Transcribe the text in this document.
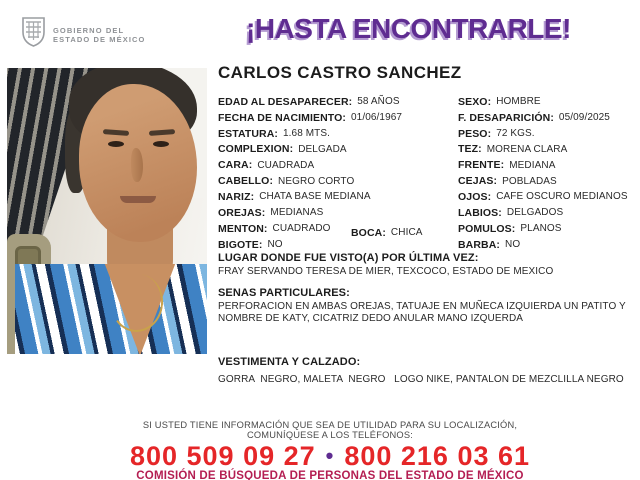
GOBIERNO DEL
ESTADO DE MÉXICO	¡HASTA ENCONTRARLE!
CARLOS CASTRO SANCHEZ
EDAD AL DESAPARECER: 58 AÑOS	SEXO: HOMBRE
FECHA DE NACIMIENTO: 01/06/1967	F. DESAPARICIÓN: 05/09/2025
ESTATURA: 1.68 MTS.	PESO: 72 KGS.
COMPLEXION: DELGADA	TEZ: MORENA CLARA
CARA: CUADRADA	FRENTE: MEDIANA
CABELLO: NEGRO CORTO	CEJAS: POBLADAS
NARIZ: CHATA BASE MEDIANA	OJOS: CAFE OSCURO MEDIANOS
OREJAS: MEDIANAS	LABIOS: DELGADOS
MENTON: CUADRADO BOCA: CHICA	POMULOS: PLANOS
BIGOTE: NO	BARBA: NO
LUGAR DONDE FUE VISTO(A) POR ÚLTIMA VEZ:
FRAY SERVANDO TERESA DE MIER, TEXCOCO, ESTADO DE MEXICO
SENAS PARTICULARES:
PERFORACION EN AMBAS OREJAS, TATUAJE EN MUÑECA IZQUIERDA UN PATITO Y NOMBRE DE KATY, CICATRIZ DEDO ANULAR MANO IZQUERDA
VESTIMENTA Y CALZADO:
GORRA  NEGRO, MALETA  NEGRO   LOGO NIKE, PANTALON DE MEZCLILLA NEGRO
SI USTED TIENE INFORMACIÓN QUE SEA DE UTILIDAD PARA SU LOCALIZACIÓN,
COMUNÍQUESE A LOS TELÉFONOS:
800 509 09 27 • 800 216 03 61
COMISIÓN DE BÚSQUEDA DE PERSONAS DEL ESTADO DE MÉXICO
